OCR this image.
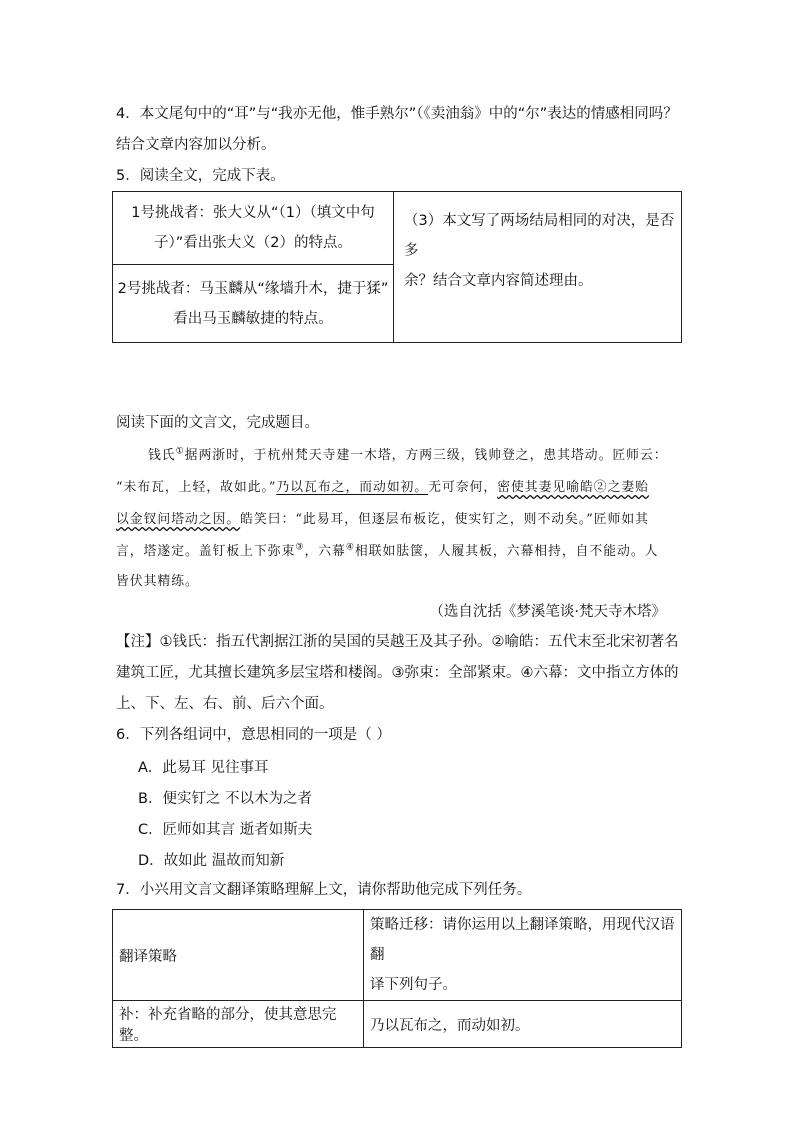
4．本文尾句中的“耳”与“我亦无他，惟手熟尔”（《卖油翁》中的“尔”表达的情感相同吗？
结合文章内容加以分析。
5．阅读全文，完成下表。
1号挑战者：张大义从“（1）（填文中句
子）”看出张大义（2）的特点。

（3）本文写了两场结局相同的对决，是否多
余？结合文章内容简述理由。

2号挑战者：马玉麟从“缘墙升木，捷于猱”
看出马玉麟敏捷的特点。
阅读下面的文言文，完成题目。
钱氏①据两浙时，于杭州梵天寺建一木塔，方两三级，钱帅登之，患其塔动。匠师云：
“未布瓦，上轻，故如此。”乃以瓦布之，而动如初。无可奈何，密使其妻见喻皓②之妻贻
以金钗问塔动之因。皓笑曰：“此易耳，但逐层布板讫，使实钉之，则不动矣。”匠师如其
言，塔遂定。盖钉板上下弥束③，六幕④相联如胠箧，人履其板，六幕相持，自不能动。人
皆伏其精练。
（选自沈括《梦溪笔谈·梵天寺木塔》
【注】①钱氏：指五代割据江浙的吴国的吴越王及其子孙。②喻皓：五代末至北宋初著名
建筑工匠，尤其擅长建筑多层宝塔和楼阁。③弥束：全部紧束。④六幕：文中指立方体的
上、下、左、右、前、后六个面。
6．下列各组词中，意思相同的一项是（ ）
A．此易耳 见往事耳
B．便实钉之 不以木为之者
C．匠师如其言 逝者如斯夫
D．故如此 温故而知新
7．小兴用文言文翻译策略理解上文，请你帮助他完成下列任务。
翻译策略	策略迁移：请你运用以上翻译策略，用现代汉语翻
译下列句子。

补：补充省略的部分，使其意思完整。	乃以瓦布之，而动如初。
